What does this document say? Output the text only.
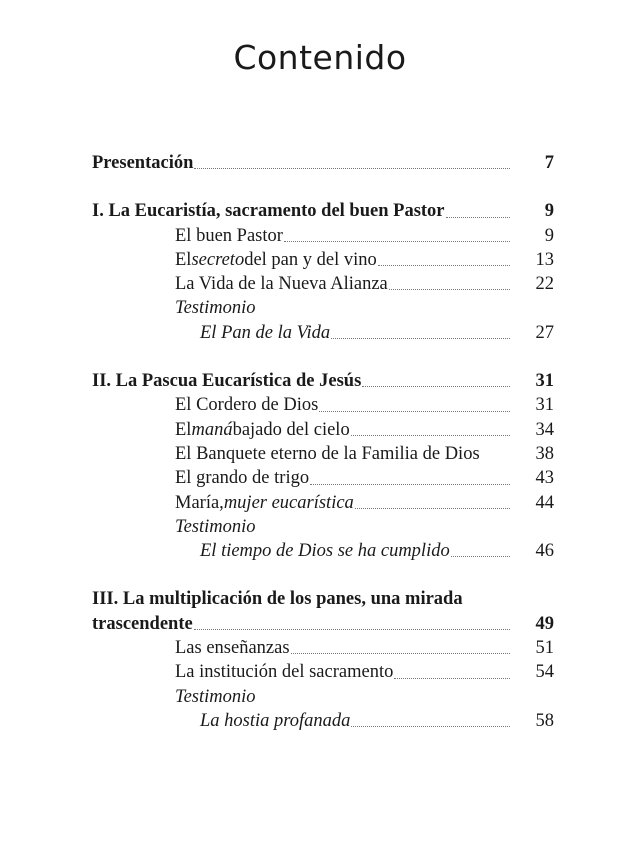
Contenido
Presentación	7
I. La Eucaristía, sacramento del buen Pastor	9
El buen Pastor	9
El secreto del pan y del vino	13
La Vida de la Nueva Alianza	22
Testimonio
El Pan de la Vida	27
II. La Pascua Eucarística de Jesús	31
El Cordero de Dios	31
El maná bajado del cielo	34
El Banquete eterno de la Familia de Dios	38
El grando de trigo	43
María, mujer eucarística	44
Testimonio
El tiempo de Dios se ha cumplido	46
III. La multiplicación de los panes, una mirada
trascendente	49
Las enseñanzas	51
La institución del sacramento	54
Testimonio
La hostia profanada	58
